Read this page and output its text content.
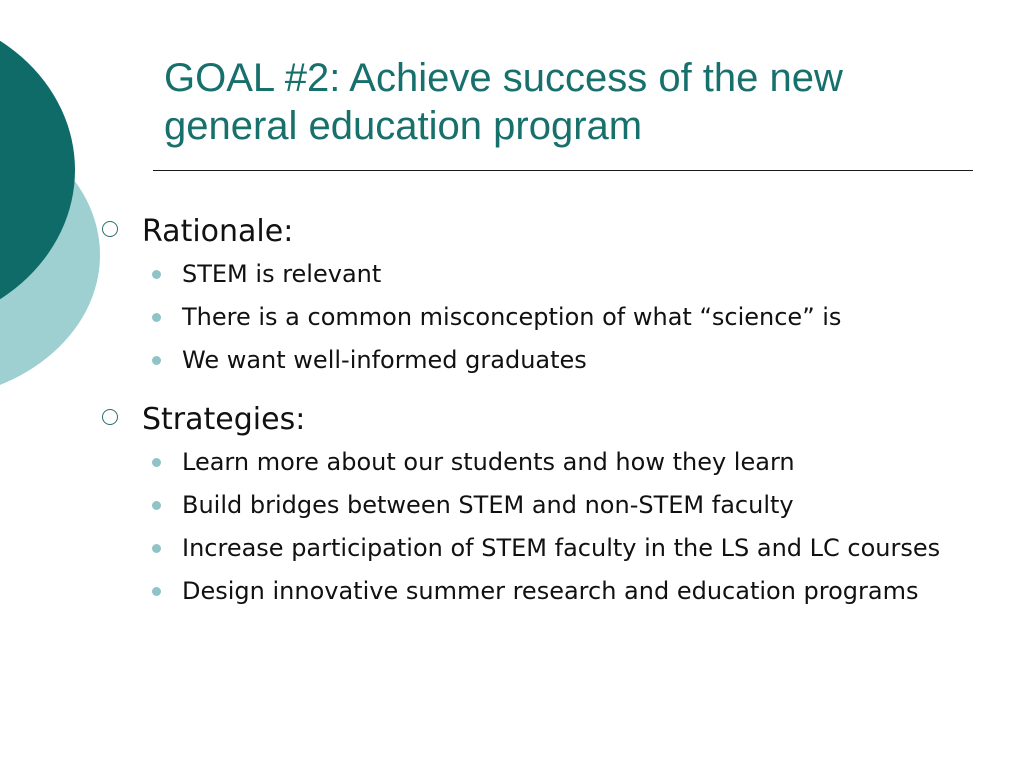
GOAL #2: Achieve success of the new general education program
Rationale:
STEM is relevant
There is a common misconception of what “science” is
We want well-informed graduates
Strategies:
Learn more about our students and how they learn
Build bridges between STEM and non-STEM faculty
Increase participation of STEM faculty in the LS and LC courses
Design innovative summer research and education programs
